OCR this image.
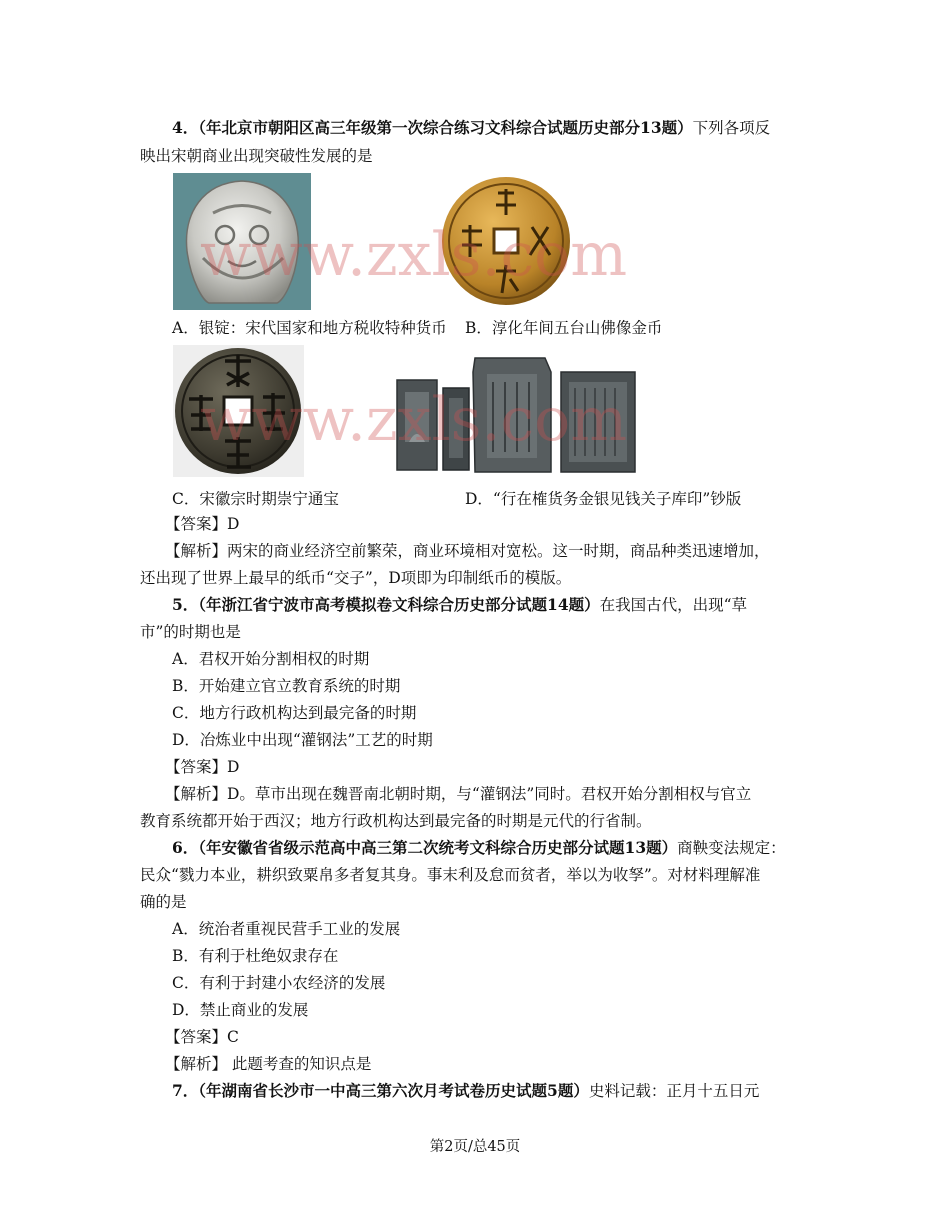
4．（年北京市朝阳区高三年级第一次综合练习文科综合试题历史部分13题）下列各项反
映出宋朝商业出现突破性发展的是
A．银锭：宋代国家和地方税收特种货币 B．淳化年间五台山佛像金币
www.zxls.com
www.zxls.com
C．宋徽宗时期崇宁通宝	D．“行在榷货务金银见钱关子库印”钞版
【答案】D
【解析】两宋的商业经济空前繁荣，商业环境相对宽松。这一时期，商品种类迅速增加，
还出现了世界上最早的纸币“交子”，D项即为印制纸币的模版。
5．（年浙江省宁波市高考模拟卷文科综合历史部分试题14题）在我国古代，出现“草
市”的时期也是
A．君权开始分割相权的时期
B．开始建立官立教育系统的时期
C．地方行政机构达到最完备的时期
D．冶炼业中出现“灌钢法”工艺的时期
【答案】D
【解析】D。草市出现在魏晋南北朝时期，与“灌钢法”同时。君权开始分割相权与官立
教育系统都开始于西汉；地方行政机构达到最完备的时期是元代的行省制。
6．（年安徽省省级示范高中高三第二次统考文科综合历史部分试题13题）商鞅变法规定：
民众“戮力本业，耕织致粟帛多者复其身。事末利及怠而贫者，举以为收孥”。对材料理解准
确的是
A．统治者重视民营手工业的发展
B．有利于杜绝奴隶存在
C．有利于封建小农经济的发展
D．禁止商业的发展
【答案】C
【解析】 此题考查的知识点是
7．（年湖南省长沙市一中高三第六次月考试卷历史试题5题）史料记载：正月十五日元
第2页/总45页
